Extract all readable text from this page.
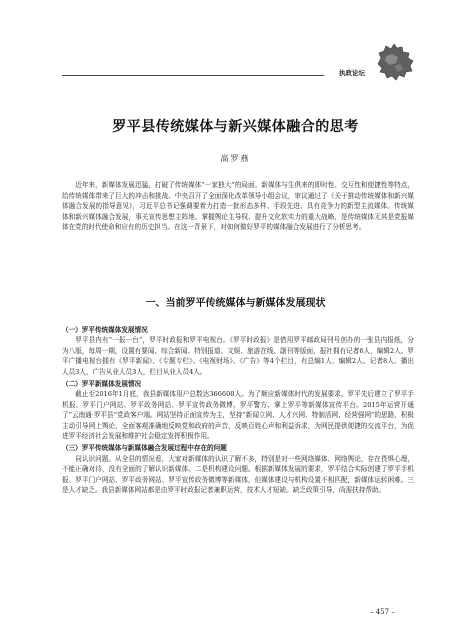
执政论坛
罗平县传统媒体与新兴媒体融合的思考
高罗燕

近年来，新媒体发展迅猛，打破了传统媒体“一家独大”的局面。新媒体与生俱来的即时性、交互性和便捷性等特点，给传统媒体带来了巨大的冲击和挑战。中央召开了全面深化改革领导小组会议，审议通过了《关于推动传统媒体和新兴媒体融合发展的指导意见》，习近平总书记强调要着力打造一批形态多样、手段先进、具有竞争力的新型主流媒体。传统媒体和新兴媒体融合发展，事关宣传思想主阵地、掌握舆论主导权、提升文化软实力的重大战略，是传统媒体无其是党报媒体在党的时代使命和应有的历史担当。在这一背景下，对如何做好罗平的媒体融合发展进行了分析思考。

一、当前罗平传统媒体与新媒体发展现状

（一）罗平传统媒体发展情况

罗平县内有“一报一台”，罗平时政报和罗平电视台。《罗平时政报》是借用罗平邮政局刊号创办的一张县内报纸，分为八版，每周一期，设置有要闻、综合新闻、特别报道、文娱、旅游在线、副刊等版面，报社拥有记者6人，编辑2人。罗平广播电视台拥有《罗平新闻》、《专题专栏》、《电视财场》、《广告》等4个栏目，有总编1人、编辑2人、记者8人、播出人员3人，广告从业人员3人，栏目从业人员4人。

（二）罗平新媒体发展情况

截止至2016年1月底，我县新媒体用户总数达366608人。为了顺应新媒体时代的发展要求，罗平先后建立了罗平手机报、罗平门户网站、罗平政务网站、罗平宣传政务微博、罗平警方、掌上罗平等新媒体宣传平台。2015年运营开通了“云南通·罗平县”党政客户端。网站坚持正面宣传为主，坚持“新闻立网、人才兴网、特制活网、经营强网”的思路，积极主动引导网上舆论，全面客观准确地反映党和政府的声音，反映百姓心声和利益诉求，为网民提供便捷的交流平台，为促进罗平经济社会发展和维护社会稳定发挥积极作用。

（三）罗平传统媒体与新媒体融合发展过程中存在的问题

同认识问题。从全县的情况看，大家对新媒体的认识了解不多，特别是对一些网络媒体、网络舆论，存在畏惧心理，不能正确对待，没有全面的了解认识新媒体。二是机构建设问题。根据新媒体发展的要求，罗平结合实际创建了罗平手机报、罗平门户网站、罗平政务网站、罗平宣传政务微博等新媒体，但媒体建设与机构设置不相匹配，新媒体运转困难。三是人才缺乏。我县新媒体网站都是由罗平时政报记者兼职运营，技术人才短缺。缺乏政策引导，尚需扶持帮助。

– 457 –
